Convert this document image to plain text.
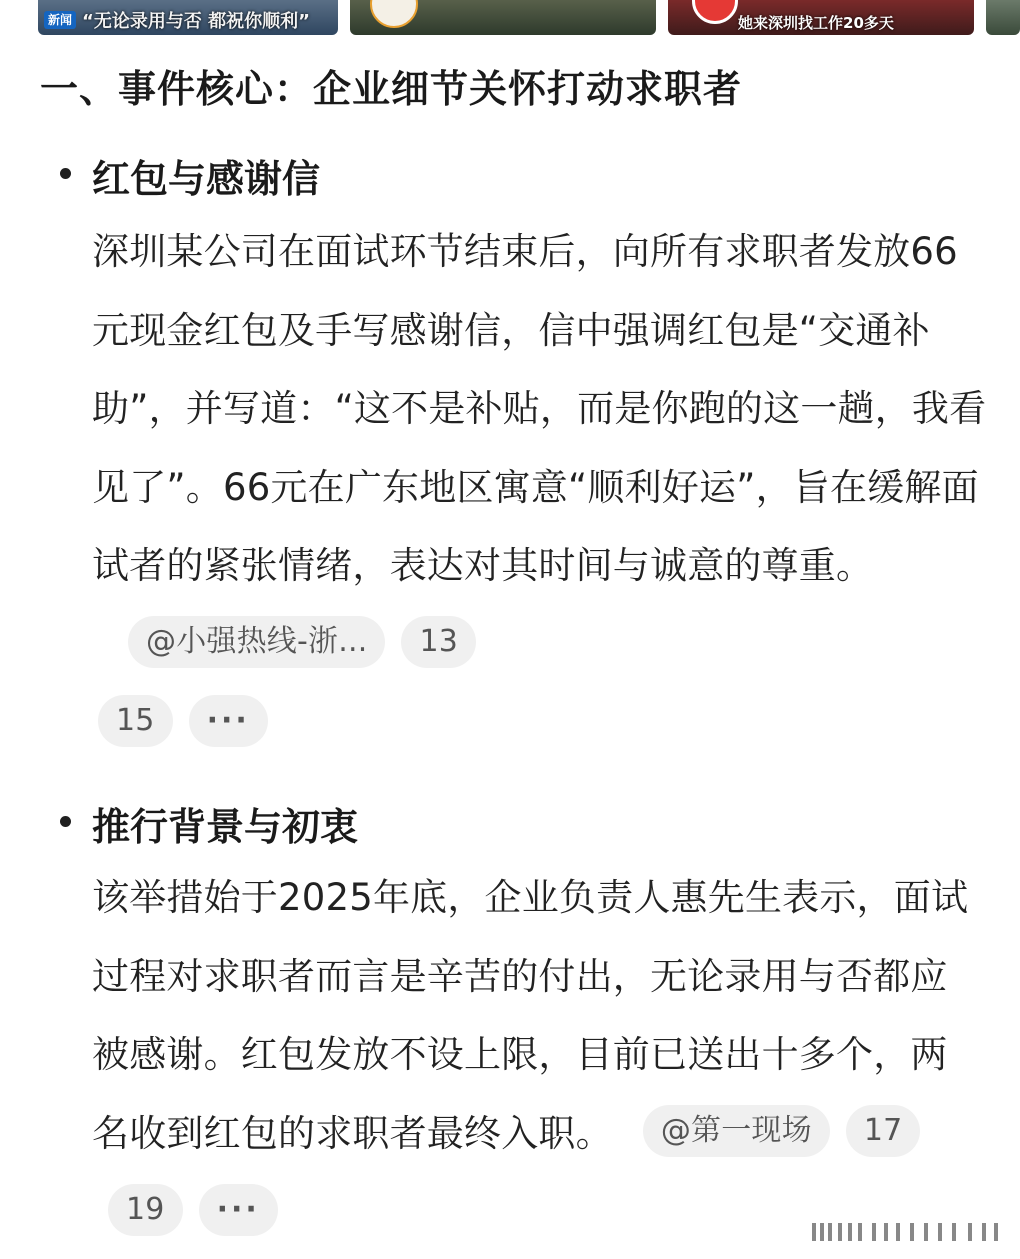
新闻 “无论录用与否 都祝你顺利”	她来深圳找工作20多天
一、事件核心：企业细节关怀打动求职者
红包与感谢信

深圳某公司在面试环节结束后，向所有求职者发放66元现金红包及手写感谢信，信中强调红包是“交通补助”，并写道：“这不是补贴，而是你跑的这一趟，我看见了”。66元在广东地区寓意“顺利好运”，旨在缓解面试者的紧张情绪，表达对其时间与诚意的尊重。@小强热线-浙... 13
15 ···

推行背景与初衷

该举措始于2025年底，企业负责人惠先生表示，面试过程对求职者而言是辛苦的付出，无论录用与否都应被感谢。红包发放不设上限，目前已送出十多个，两名收到红包的求职者最终入职。 @第一现场 1719 ···
